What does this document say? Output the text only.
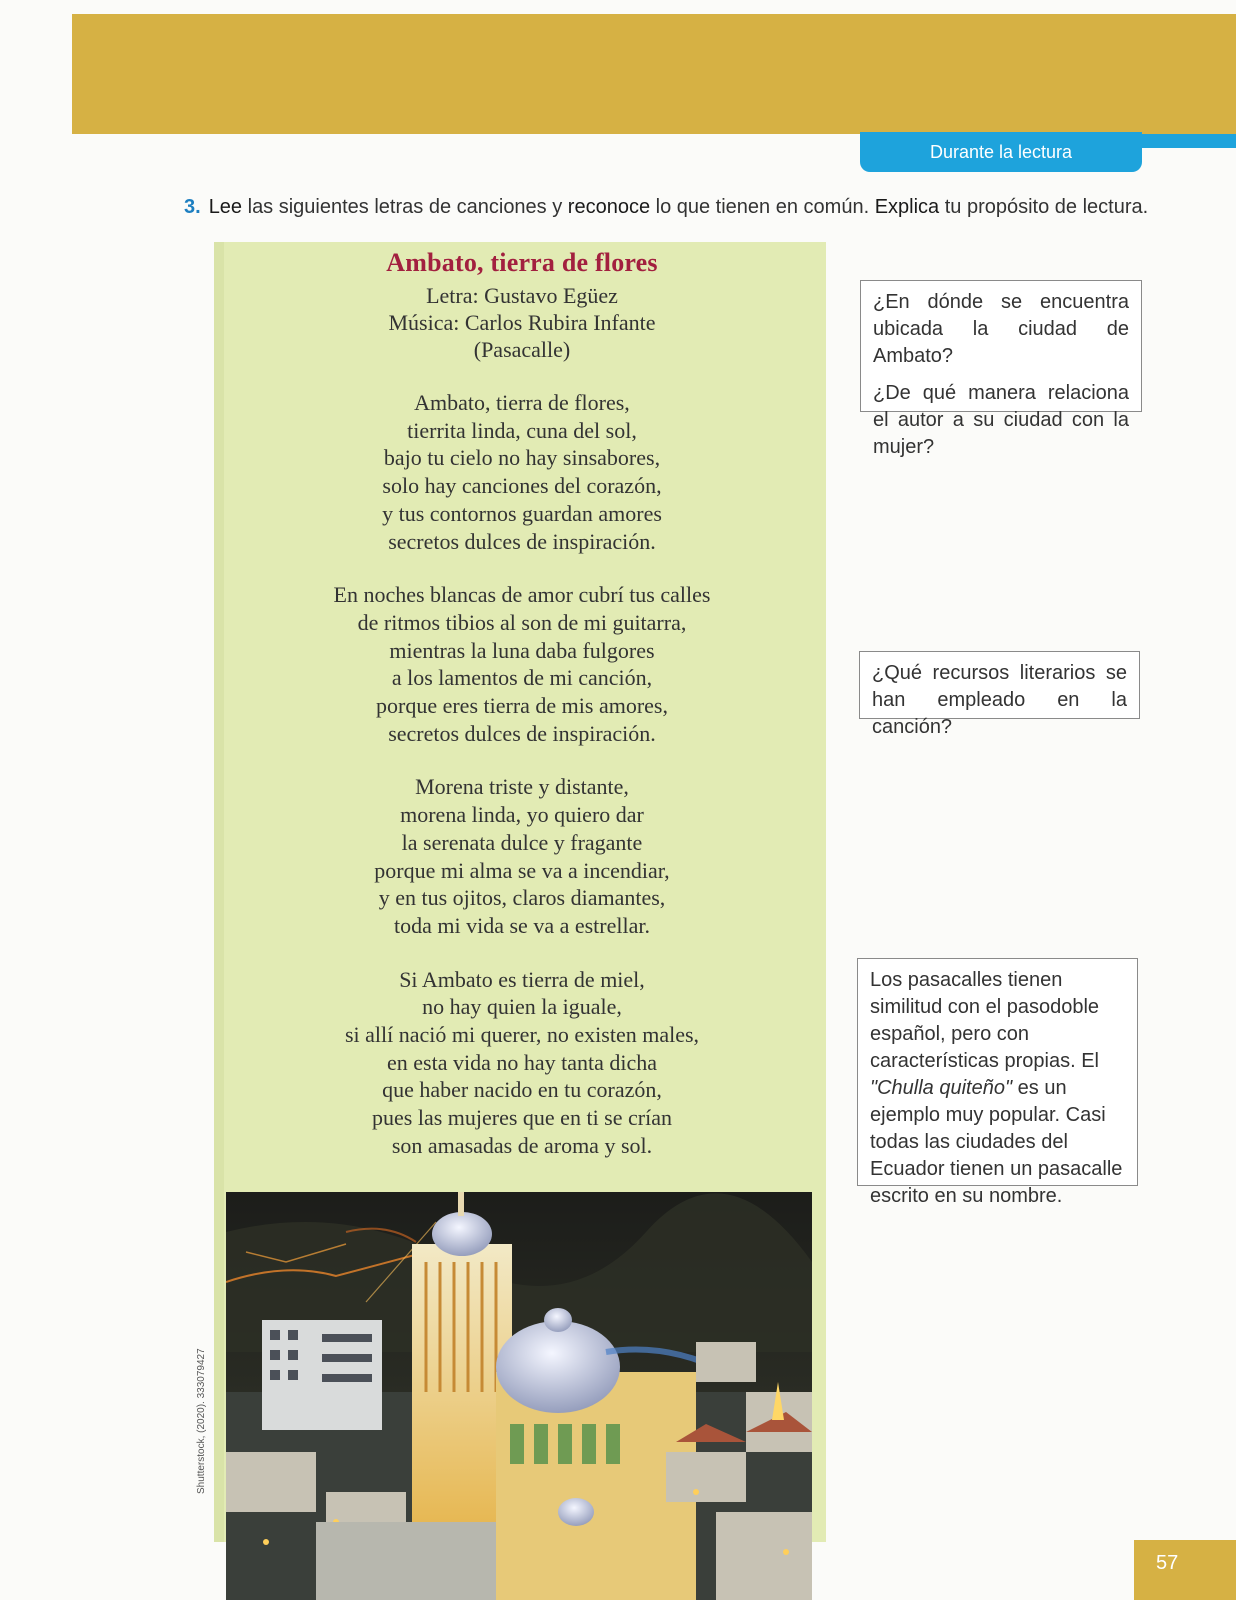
Durante la lectura
3. Lee las siguientes letras de canciones y reconoce lo que tienen en común. Explica tu propósito de lectura.

Ambato, tierra de flores

Letra: Gustavo Egüez

Música: Carlos Rubira Infante

(Pasacalle)

Ambato, tierra de flores,

tierrita linda, cuna del sol,

bajo tu cielo no hay sinsabores,

solo hay canciones del corazón,

y tus contornos guardan amores

secretos dulces de inspiración.

En noches blancas de amor cubrí tus calles

de ritmos tibios al son de mi guitarra,

mientras la luna daba fulgores

a los lamentos de mi canción,

porque eres tierra de mis amores,

secretos dulces de inspiración.

Morena triste y distante,

morena linda, yo quiero dar

la serenata dulce y fragante

porque mi alma se va a incendiar,

y en tus ojitos, claros diamantes,

toda mi vida se va a estrellar.

Si Ambato es tierra de miel,

no hay quien la iguale,

si allí nació mi querer, no existen males,

en esta vida no hay tanta dicha

que haber nacido en tu corazón,

pues las mujeres que en ti se crían

son amasadas de aroma y sol.

Shutterstock, (2020). 333079427

¿En dónde se encuentra ubicada la ciudad de Ambato?

¿De qué manera relaciona el autor a su ciudad con la mujer?

¿Qué recursos literarios se han empleado en la canción?

Los pasacalles tienen similitud con el pasodoble español, pero con características propias. El "Chulla quiteño" es un ejemplo muy popular. Casi todas las ciudades del Ecuador tienen un pasacalle escrito en su nombre.

57
